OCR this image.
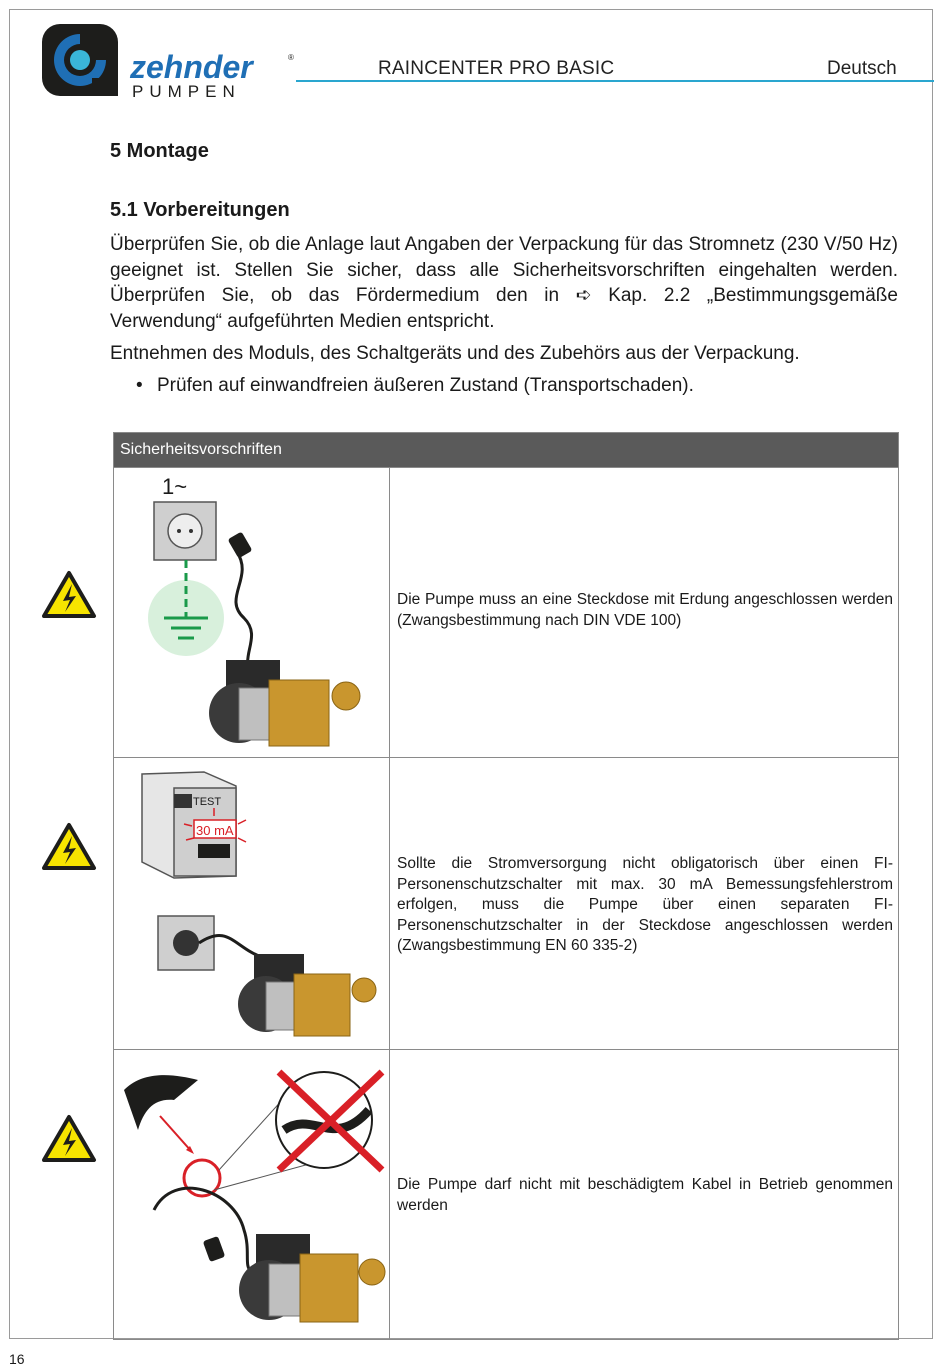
zehnder	®
PUMPEN
RAINCENTER PRO BASIC	Deutsch
5 Montage
5.1 Vorbereitungen
Überprüfen Sie, ob die Anlage laut Angaben der Verpackung für das Stromnetz (230 V/50 Hz) geeignet ist. Stellen Sie sicher, dass alle Sicherheitsvorschriften eingehalten werden. Überprüfen Sie, ob das Fördermedium den in ➪ Kap. 2.2 „Bestimmungsgemäße Verwendung“ aufgeführten Medien entspricht.
Entnehmen des Moduls, des Schaltgeräts und des Zubehörs aus der Verpackung.
• Prüfen auf einwandfreien äußeren Zustand (Transportschaden).
Sicherheitsvorschriften
1~
Die Pumpe muss an eine Steckdose mit Erdung angeschlossen werden (Zwangsbestimmung nach DIN VDE 100)
TEST
30 mA
Sollte die Stromversorgung nicht obligatorisch über einen FI-Personenschutzschalter mit max. 30 mA Bemessungsfehlerstrom erfolgen, muss die Pumpe über einen separaten FI-Personenschutzschalter in der Steckdose angeschlossen werden (Zwangsbestimmung EN 60 335-2)
Die Pumpe darf nicht mit beschädigtem Kabel in Betrieb genommen werden
16
